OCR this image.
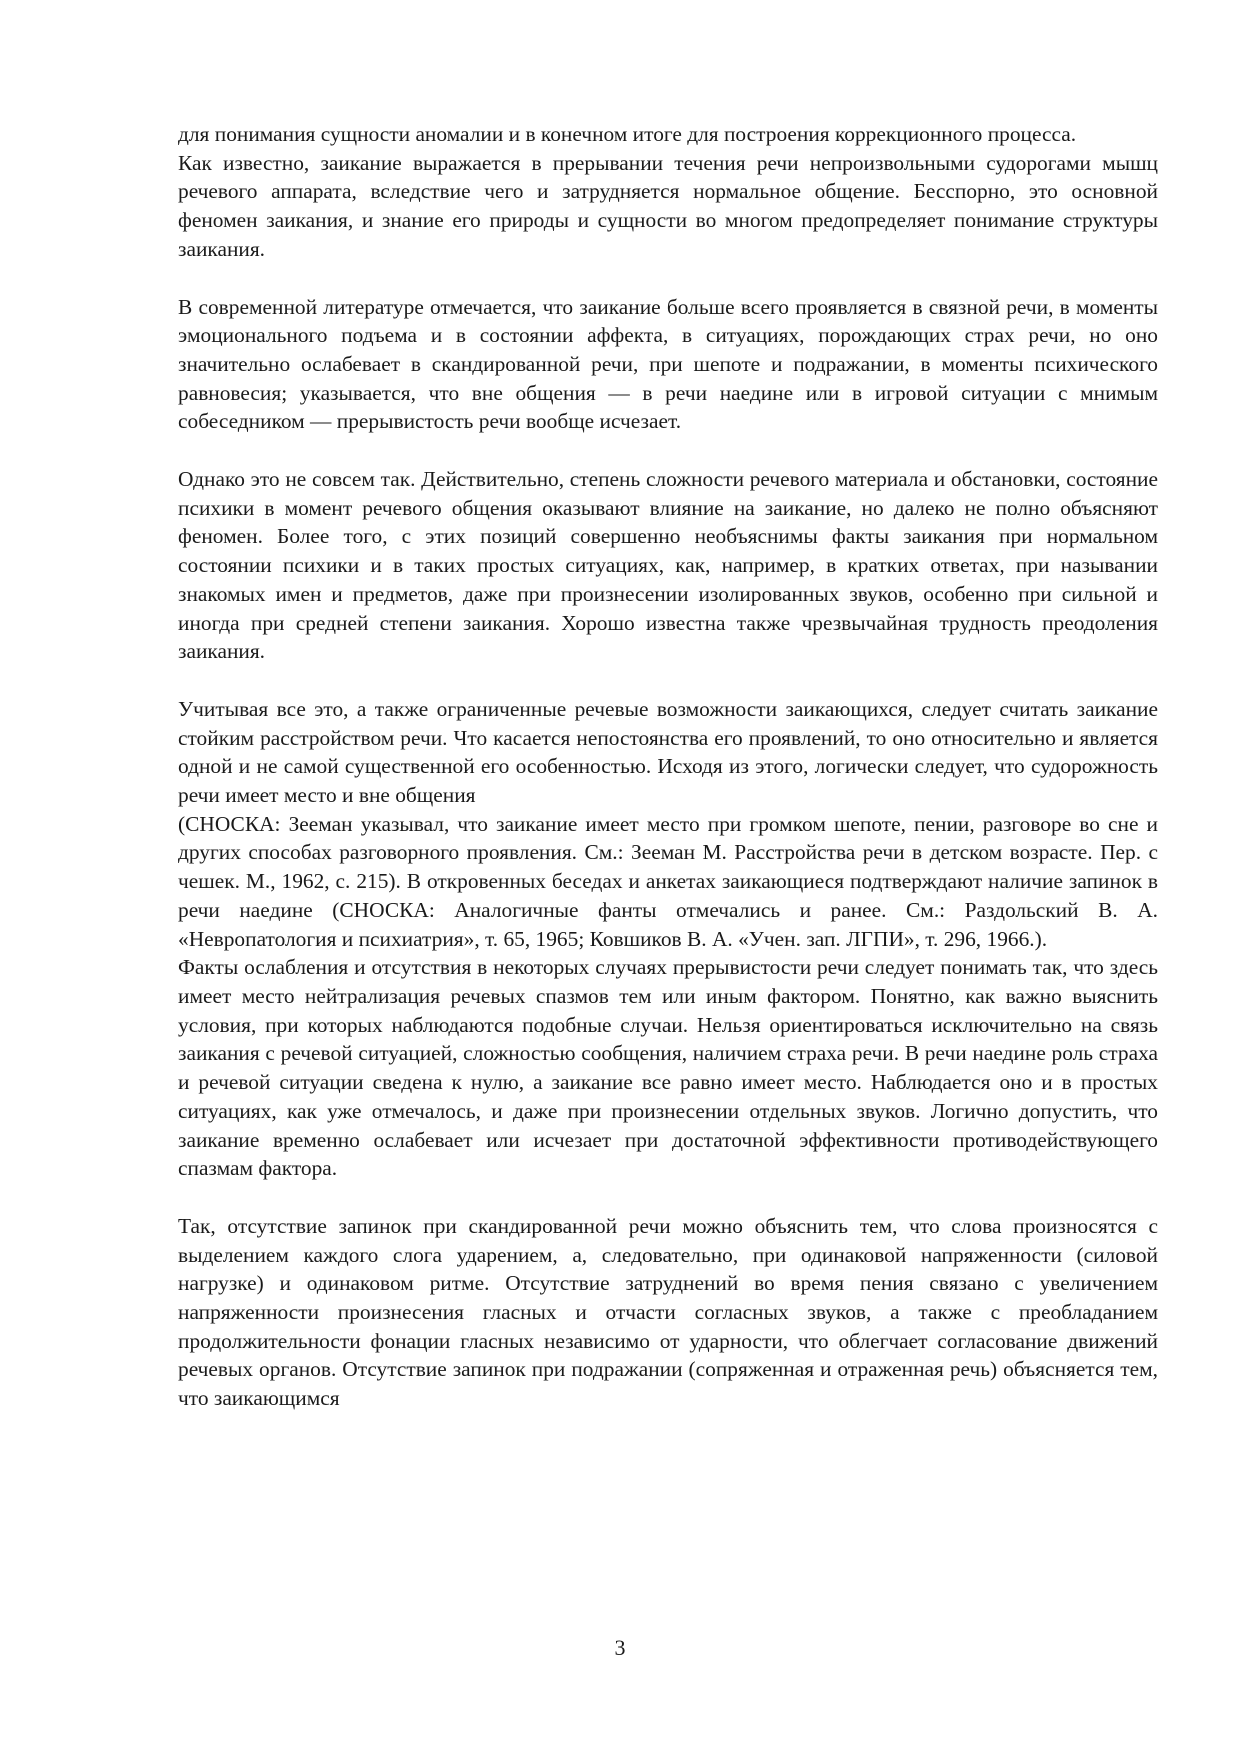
для понимания сущности аномалии и в конечном итоге для построения коррекционного процесса.

Как известно, заикание выражается в прерывании течения речи непроизвольными судорогами мышц речевого аппарата, вследствие чего и затрудняется нормальное общение. Бесспорно, это основной феномен заикания, и знание его природы и сущности во многом предопределяет понимание структуры заикания.

В современной литературе отмечается, что заикание больше всего проявляется в связной речи, в моменты эмоционального подъема и в состоянии аффекта, в ситуациях, порождающих страх речи, но оно значительно ослабевает в скандированной речи, при шепоте и подражании, в моменты психического равновесия; указывается, что вне общения — в речи наедине или в игровой ситуации с мнимым собеседником — прерывистость речи вообще исчезает.

Однако это не совсем так. Действительно, степень сложности речевого материала и обстановки, состояние психики в момент речевого общения оказывают влияние на заикание, но далеко не полно объясняют феномен. Более того, с этих позиций совершенно необъяснимы факты заикания при нормальном состоянии психики и в таких простых ситуациях, как, например, в кратких ответах, при назывании знакомых имен и предметов, даже при произнесении изолированных звуков, особенно при сильной и иногда при средней степени заикания. Хорошо известна также чрезвычайная трудность преодоления заикания.

Учитывая все это, а также ограниченные речевые возможности заикающихся, следует считать заикание стойким расстройством речи. Что касается непостоянства его проявлений, то оно относительно и является одной и не самой существенной его особенностью. Исходя из этого, логически следует, что судорожность речи имеет место и вне общения

(СНОСКА: Зееман указывал, что заикание имеет место при громком шепоте, пении, разговоре во сне и других способах разговорного проявления. См.: Зееман М. Расстройства речи в детском возрасте. Пер. с чешек. М., 1962, с. 215). В откровенных беседах и анкетах заикающиеся подтверждают наличие запинок в речи наедине (СНОСКА: Аналогичные фанты отмечались и ранее. См.: Раздольский В. А. «Невропатология и психиатрия», т. 65, 1965; Ковшиков В. А. «Учен. зап. ЛГПИ», т. 296, 1966.).

Факты ослабления и отсутствия в некоторых случаях прерывистости речи следует понимать так, что здесь имеет место нейтрализация речевых спазмов тем или иным фактором. Понятно, как важно выяснить условия, при которых наблюдаются подобные случаи. Нельзя ориентироваться исключительно на связь заикания с речевой ситуацией, сложностью сообщения, наличием страха речи. В речи наедине роль страха и речевой ситуации сведена к нулю, а заикание все равно имеет место. Наблюдается оно и в простых ситуациях, как уже отмечалось, и даже при произнесении отдельных звуков. Логично допустить, что заикание временно ослабевает или исчезает при достаточной эффективности противодействующего спазмам фактора.

Так, отсутствие запинок при скандированной речи можно объяснить тем, что слова произносятся с выделением каждого слога ударением, а, следовательно, при одинаковой напряженности (силовой нагрузке) и одинаковом ритме. Отсутствие затруднений во время пения связано с увеличением напряженности произнесения гласных и отчасти согласных звуков, а также с преобладанием продолжительности фонации гласных независимо от ударности, что облегчает согласование движений речевых органов. Отсутствие запинок при подражании (сопряженная и отраженная речь) объясняется тем, что заикающимся

3
